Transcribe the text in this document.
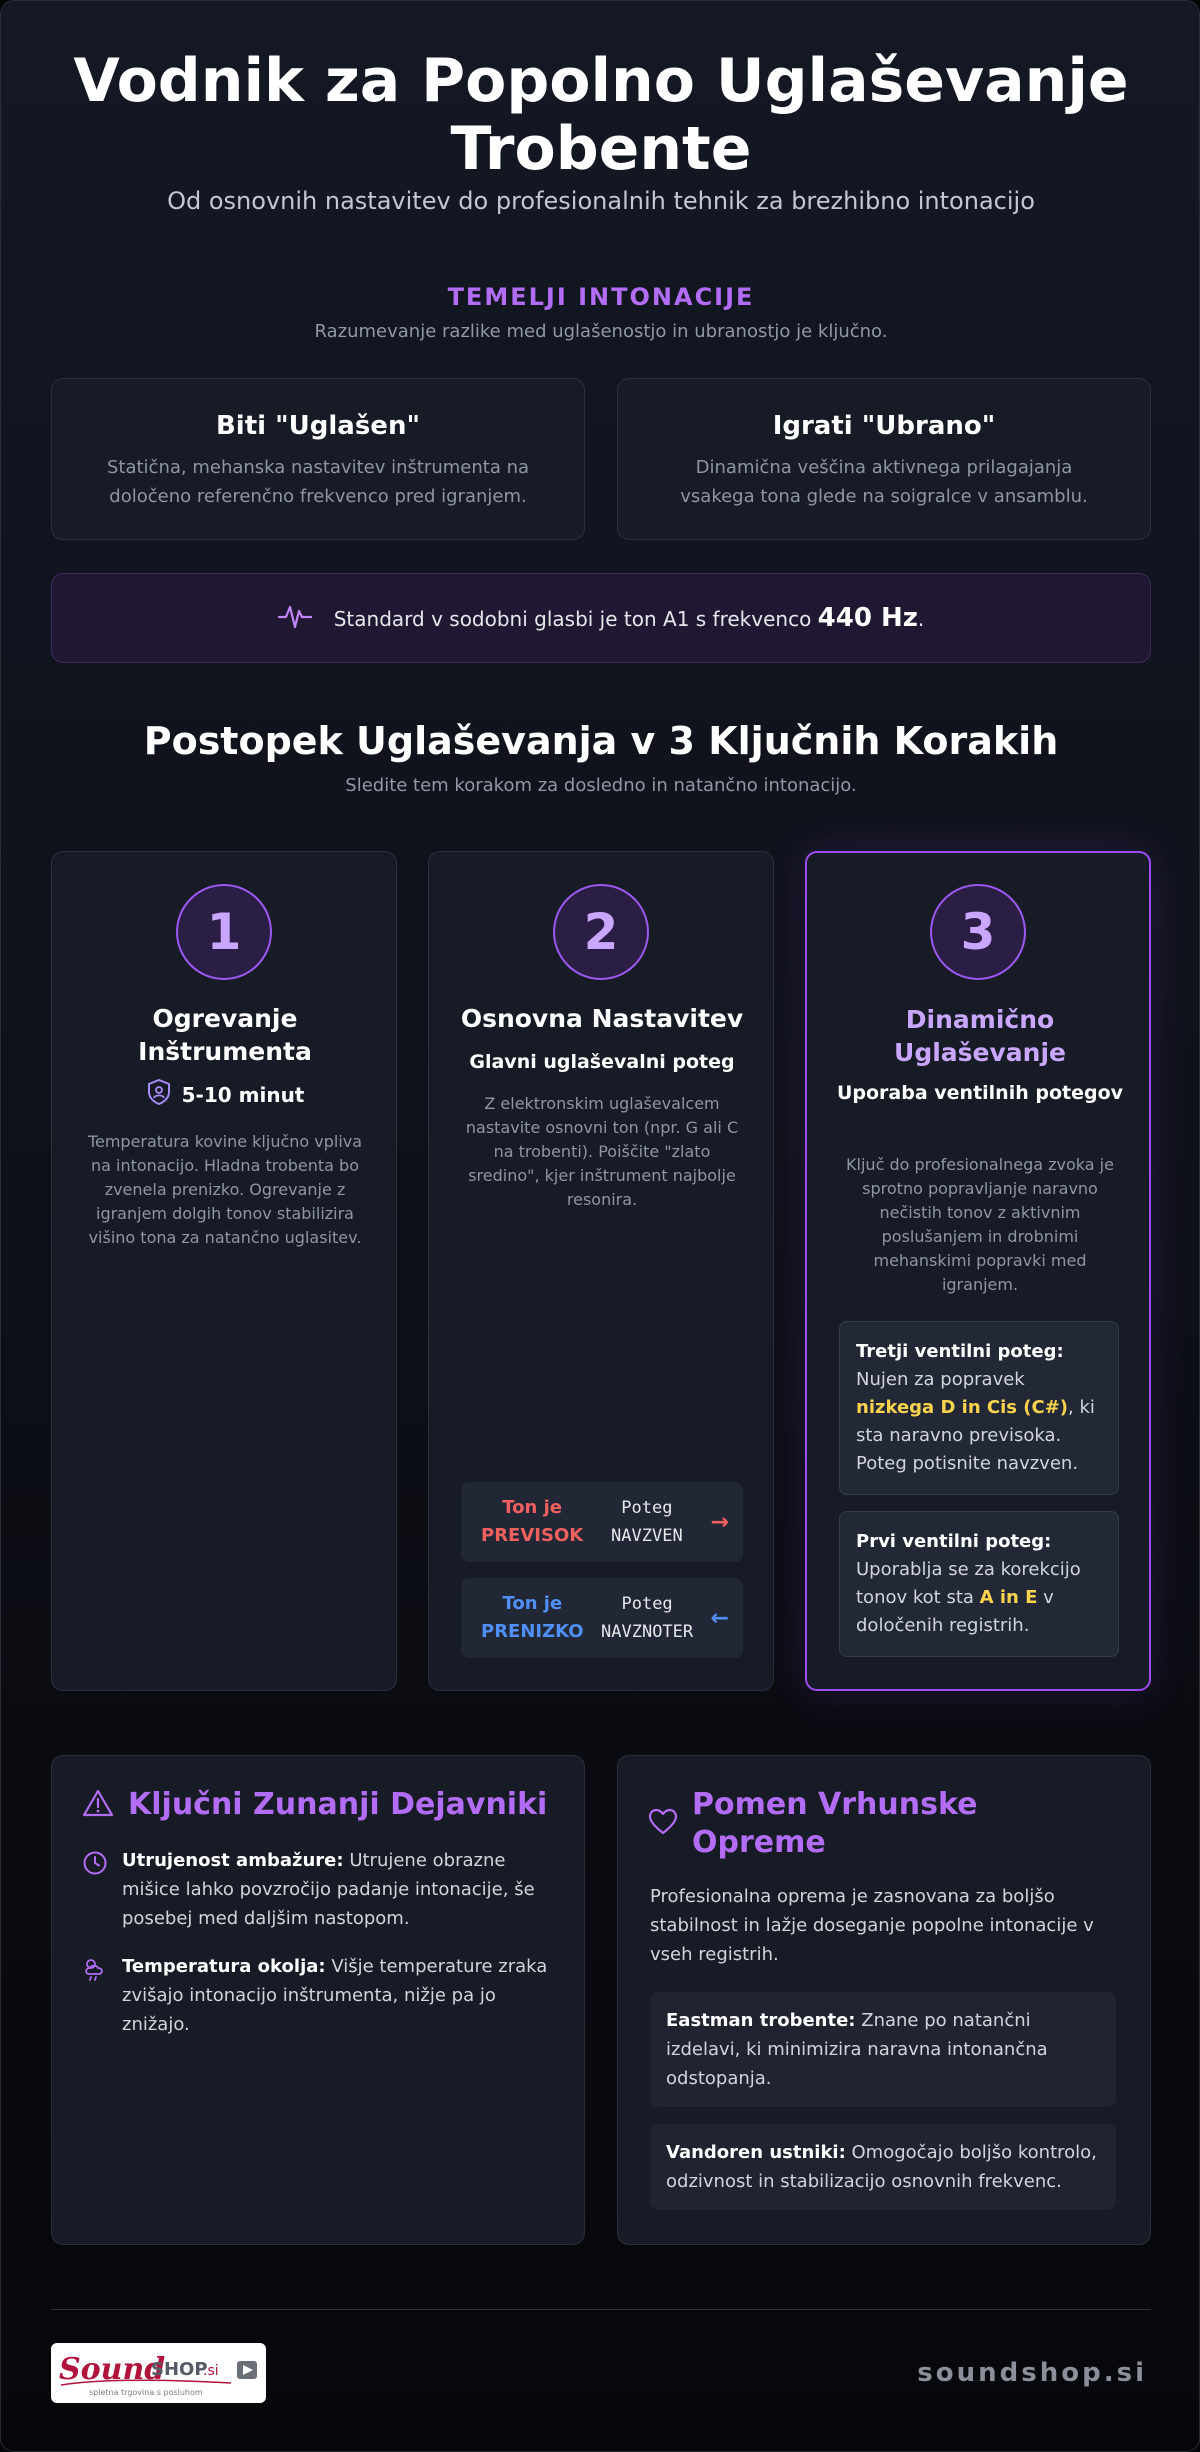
Vodnik za Popolno Uglaševanje Trobente

Od osnovnih nastavitev do profesionalnih tehnik za brezhibno intonacijo

TEMELJI INTONACIJE
Razumevanje razlike med uglašenostjo in ubranostjo je ključno.
Biti "Uglašen"
Statična, mehanska nastavitev inštrumenta na določeno referenčno frekvenco pred igranjem.
Igrati "Ubrano"
Dinamična veščina aktivnega prilagajanja vsakega tona glede na soigralce v ansamblu.
Standard v sodobni glasbi je ton A1 s frekvenco 440 Hz.
Postopek Uglaševanja v 3 Ključnih Korakih
Sledite tem korakom za dosledno in natančno intonacijo.
1
Ogrevanje Inštrumenta
5-10 minut
Temperatura kovine ključno vpliva na intonacijo. Hladna trobenta bo zvenela prenizko. Ogrevanje z igranjem dolgih tonov stabilizira višino tona za natančno uglasitev.
2
Osnovna Nastavitev
Glavni uglaševalni poteg
Z elektronskim uglaševalcem nastavite osnovni ton (npr. G ali C na trobenti). Poiščite "zlato sredino", kjer inštrument najbolje resonira.
Ton je
PREVISOK
Poteg
NAVZVEN
→
Ton je
PRENIZKO
Poteg
NAVZNOTER
←
3
Dinamično Uglaševanje
Uporaba ventilnih potegov
Ključ do profesionalnega zvoka je sprotno popravljanje naravno nečistih tonov z aktivnim poslušanjem in drobnimi mehanskimi popravki med igranjem.
Tretji ventilni poteg: Nujen za popravek nizkega D in Cis (C#), ki sta naravno previsoka. Poteg potisnite navzven.
Prvi ventilni poteg: Uporablja se za korekcijo tonov kot sta A in E v določenih registrih.
Ključni Zunanji Dejavniki
Utrujenost ambažure: Utrujene obrazne mišice lahko povzročijo padanje intonacije, še posebej med daljšim nastopom.
Temperatura okolja: Višje temperature zraka zvišajo intonacijo inštrumenta, nižje pa jo znižajo.
Pomen Vrhunske Opreme
Profesionalna oprema je zasnovana za boljšo stabilnost in lažje doseganje popolne intonacije v vseh registrih.
Eastman trobente: Znane po natančni izdelavi, ki minimizira naravna intonančna odstopanja.
Vandoren ustniki: Omogočajo boljšo kontrolo, odzivnost in stabilizacijo osnovnih frekvenc.
Sound
SHOP
.si
spletna trgovina s posluhom
soundshop.si
